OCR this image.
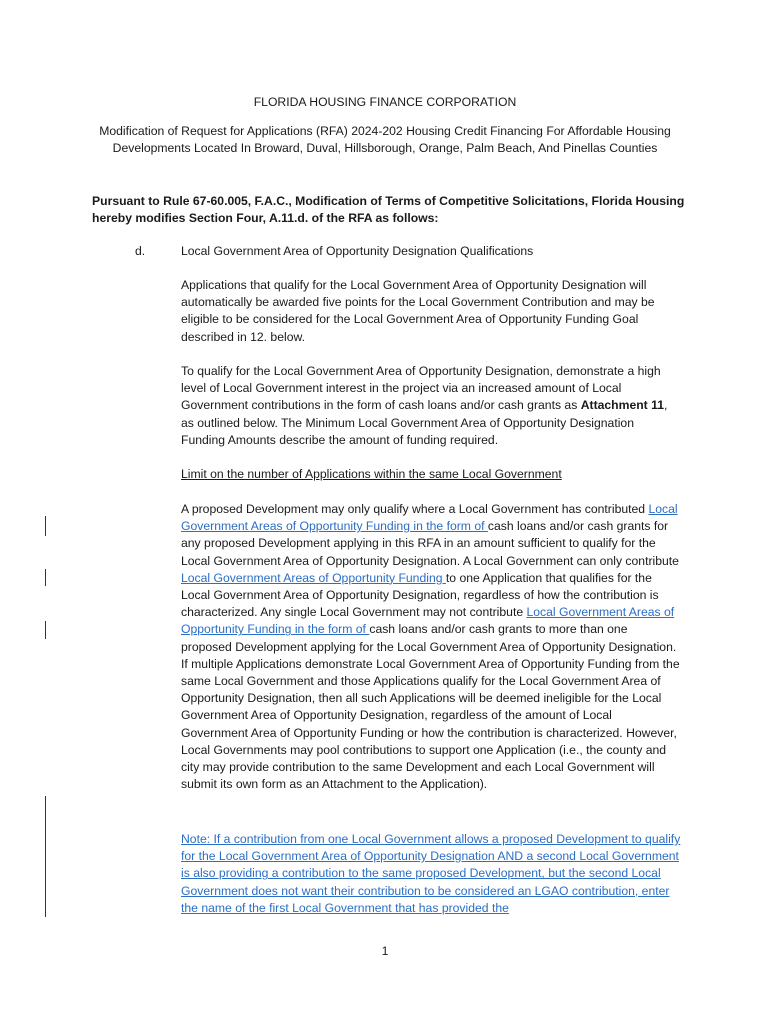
FLORIDA HOUSING FINANCE CORPORATION
Modification of Request for Applications (RFA) 2024-202 Housing Credit Financing For Affordable Housing Developments Located In Broward, Duval, Hillsborough, Orange, Palm Beach, And Pinellas Counties
Pursuant to Rule 67-60.005, F.A.C., Modification of Terms of Competitive Solicitations, Florida Housing hereby modifies Section Four, A.11.d. of the RFA as follows:
d.	Local Government Area of Opportunity Designation Qualifications
Applications that qualify for the Local Government Area of Opportunity Designation will automatically be awarded five points for the Local Government Contribution and may be eligible to be considered for the Local Government Area of Opportunity Funding Goal described in 12. below.
To qualify for the Local Government Area of Opportunity Designation, demonstrate a high level of Local Government interest in the project via an increased amount of Local Government contributions in the form of cash loans and/or cash grants as Attachment 11, as outlined below. The Minimum Local Government Area of Opportunity Designation Funding Amounts describe the amount of funding required.
Limit on the number of Applications within the same Local Government
A proposed Development may only qualify where a Local Government has contributed Local Government Areas of Opportunity Funding in the form of cash loans and/or cash grants for any proposed Development applying in this RFA in an amount sufficient to qualify for the Local Government Area of Opportunity Designation. A Local Government can only contribute Local Government Areas of Opportunity Funding to one Application that qualifies for the Local Government Area of Opportunity Designation, regardless of how the contribution is characterized. Any single Local Government may not contribute Local Government Areas of Opportunity Funding in the form of cash loans and/or cash grants to more than one proposed Development applying for the Local Government Area of Opportunity Designation. If multiple Applications demonstrate Local Government Area of Opportunity Funding from the same Local Government and those Applications qualify for the Local Government Area of Opportunity Designation, then all such Applications will be deemed ineligible for the Local Government Area of Opportunity Designation, regardless of the amount of Local Government Area of Opportunity Funding or how the contribution is characterized. However, Local Governments may pool contributions to support one Application (i.e., the county and city may provide contribution to the same Development and each Local Government will submit its own form as an Attachment to the Application).
Note: If a contribution from one Local Government allows a proposed Development to qualify for the Local Government Area of Opportunity Designation AND a second Local Government is also providing a contribution to the same proposed Development, but the second Local Government does not want their contribution to be considered an LGAO contribution, enter the name of the first Local Government that has provided the
1
